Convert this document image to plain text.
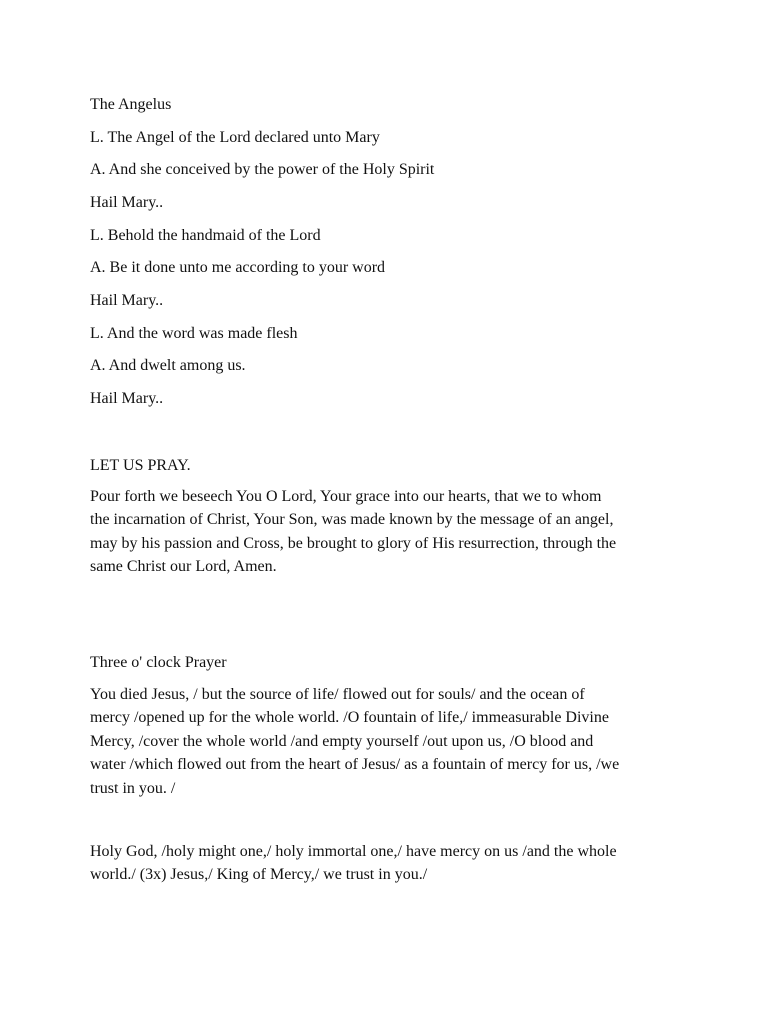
The Angelus

L. The Angel of the Lord declared unto Mary

A. And she conceived by the power of the Holy Spirit

Hail Mary..

L. Behold the handmaid of the Lord

A. Be it done unto me according to your word

Hail Mary..

L. And the word was made flesh

A. And dwelt among us.

Hail Mary..

LET US PRAY.

Pour forth we beseech You O Lord, Your grace into our hearts, that we to whom
the incarnation of Christ, Your Son, was made known by the message of an angel,
may by his passion and Cross, be brought to glory of His resurrection, through the
same Christ our Lord, Amen.

Three o' clock Prayer

You died Jesus, / but the source of life/ flowed out for souls/ and the ocean of
mercy /opened up for the whole world. /O fountain of life,/ immeasurable Divine
Mercy, /cover the whole world /and empty yourself /out upon us, /O blood and
water /which flowed out from the heart of Jesus/ as a fountain of mercy for us, /we
trust in you. /
Holy God, /holy might one,/ holy immortal one,/ have mercy on us /and the whole
world./ (3x) Jesus,/ King of Mercy,/ we trust in you./
